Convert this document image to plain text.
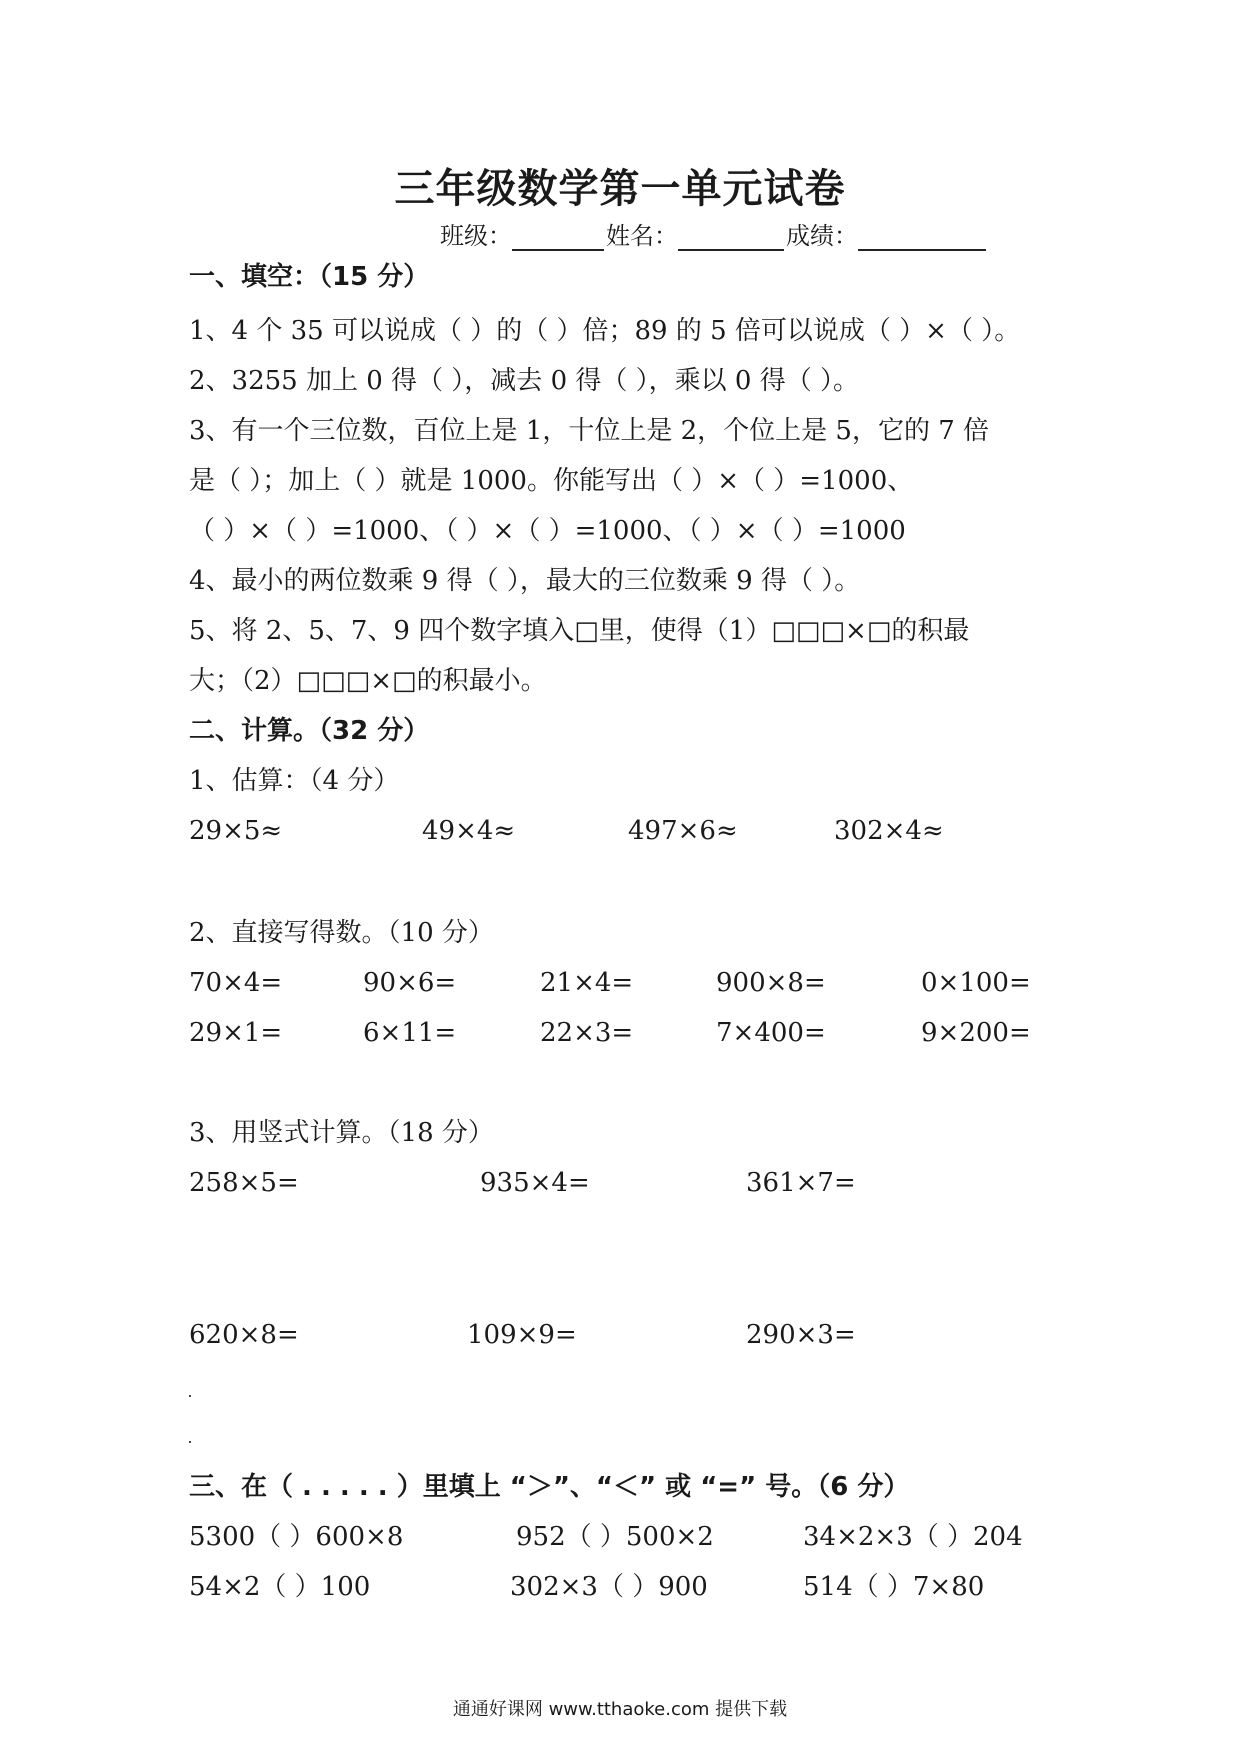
三年级数学第一单元试卷
班级：	姓名：	成绩：
一、填空：（15 分）
1、4 个 35 可以说成（ ）的（ ）倍；89 的 5 倍可以说成（ ）×（ ）。
2、3255 加上 0 得（ ），减去 0 得（ ），乘以 0 得（ ）。
3、有一个三位数，百位上是 1，十位上是 2，个位上是 5，它的 7 倍
是（ ）；加上（ ）就是 1000。你能写出（ ）×（ ）=1000、
（ ）×（ ）=1000、（ ）×（ ）=1000、（ ）×（ ）=1000
4、最小的两位数乘 9 得（ ），最大的三位数乘 9 得（ ）。
5、将 2、5、7、9 四个数字填入□里，使得（1）□□□×□的积最
大；（2）□□□×□的积最小。
二、计算。（32 分）
1、估算：（4 分）
29×5≈	49×4≈	497×6≈	302×4≈
2、直接写得数。（10 分）
70×4=	90×6=	21×4=	900×8=	0×100=
29×1=	6×11=	22×3=	7×400=	9×200=
3、用竖式计算。（18 分）
258×5=	935×4=	361×7=
620×8=	109×9=	290×3=
三、在（ . . . . . ）里填上 “＞”、“＜” 或 “=” 号。（6 分）
5300（ ）600×8	952（ ）500×2	34×2×3（ ）204
54×2（ ）100	302×3（ ）900	514（ ）7×80
通通好课网 www.tthaoke.com 提供下载
